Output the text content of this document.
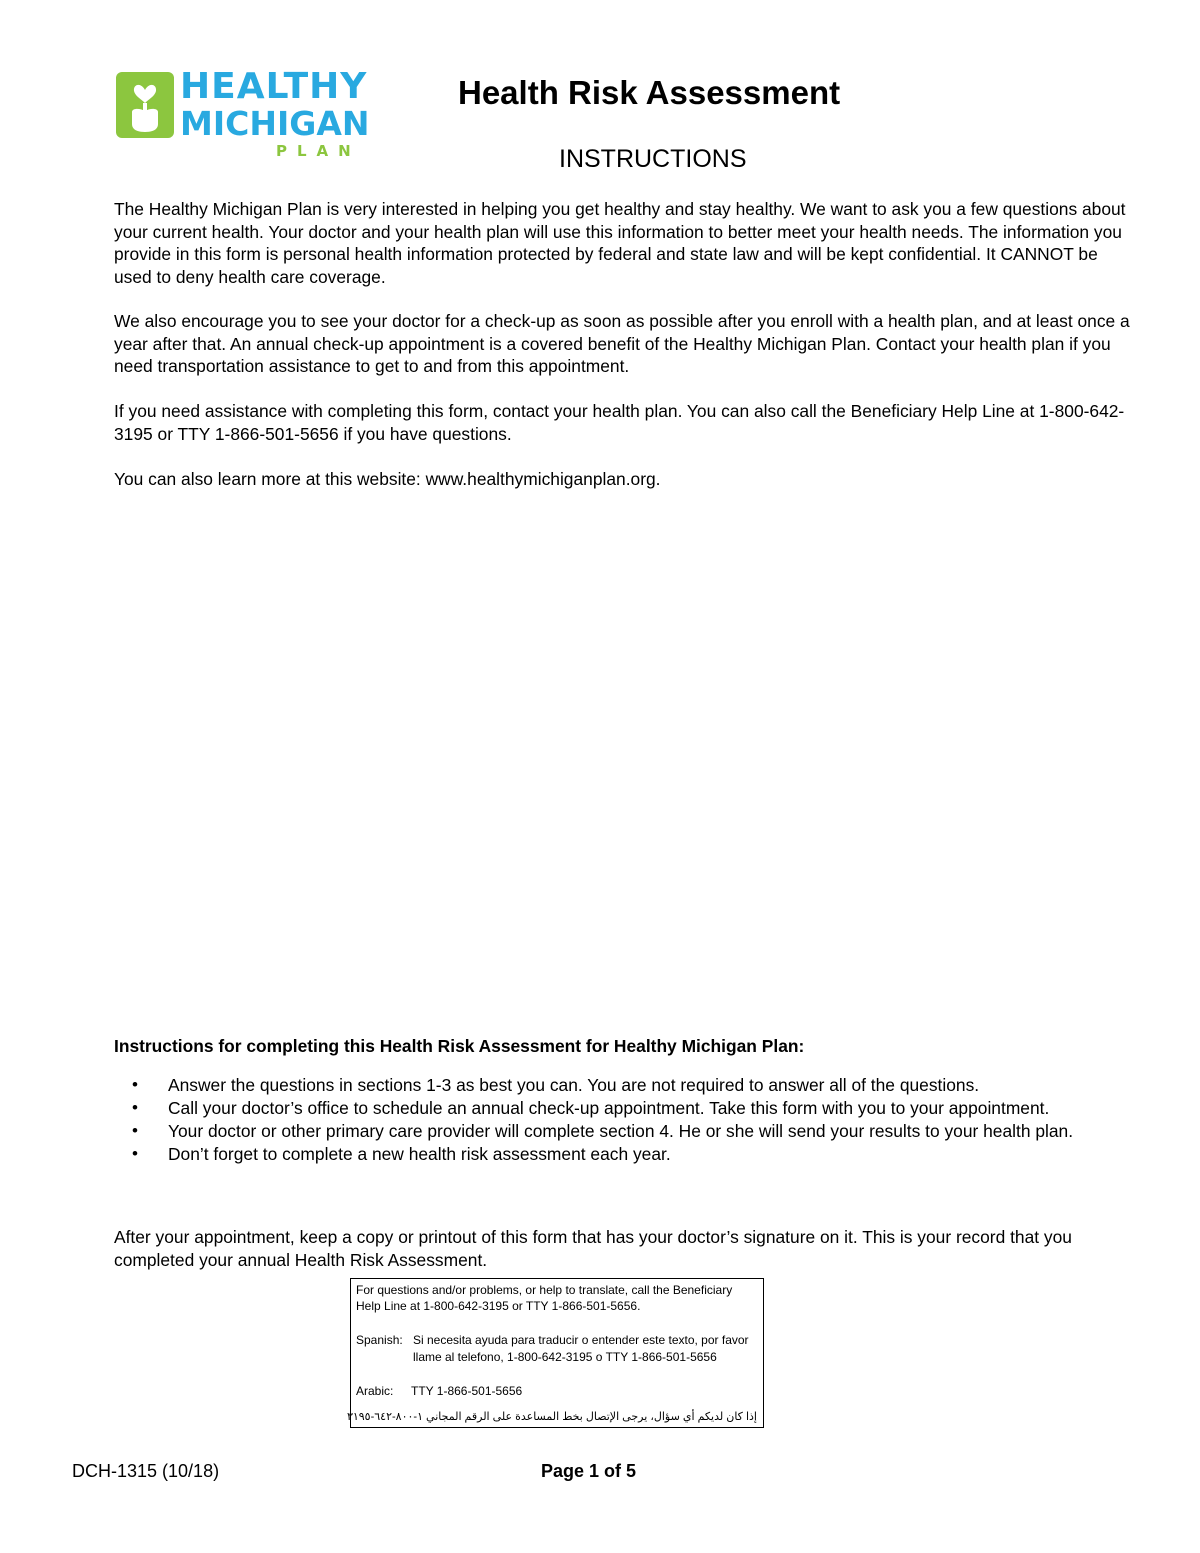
HEALTHY
MICHIGAN
PLAN
Health Risk Assessment
INSTRUCTIONS

The Healthy Michigan Plan is very interested in helping you get healthy and stay healthy. We want to ask you a few questions about your current health. Your doctor and your health plan will use this information to better meet your health needs. The information you provide in this form is personal health information protected by federal and state law and will be kept confidential. It CANNOT be used to deny health care coverage.

We also encourage you to see your doctor for a check-up as soon as possible after you enroll with a health plan, and at least once a year after that. An annual check-up appointment is a covered benefit of the Healthy Michigan Plan. Contact your health plan if you need transportation assistance to get to and from this appointment.

If you need assistance with completing this form, contact your health plan. You can also call the Beneficiary Help Line at 1-800-642-3195 or TTY 1-866-501-5656 if you have questions.

You can also learn more at this website: www.healthymichiganplan.org.

Instructions for completing this Health Risk Assessment for Healthy Michigan Plan:

• Answer the questions in sections 1-3 as best you can. You are not required to answer all of the questions.
• Call your doctor’s office to schedule an annual check-up appointment. Take this form with you to your appointment.
• Your doctor or other primary care provider will complete section 4. He or she will send your results to your health plan.
• Don’t forget to complete a new health risk assessment each year.

After your appointment, keep a copy or printout of this form that has your doctor’s signature on it. This is your record that you completed your annual Health Risk Assessment.

For questions and/or problems, or help to translate, call the Beneficiary
Help Line at 1-800-642-3195 or TTY 1-866-501-5656.
Spanish: Si necesita ayuda para traducir o entender este texto, por favor
llame al telefono, 1-800-642-3195 o TTY 1-866-501-5656
Arabic: TTY 1-866-501-5656
إذا كان لديكم أي سؤال، يرجى الإتصال بخط المساعدة على الرقم المجاني ١-٨٠٠-٦٤٢-٣١٩٥
DCH-1315 (10/18)	Page 1 of 5
